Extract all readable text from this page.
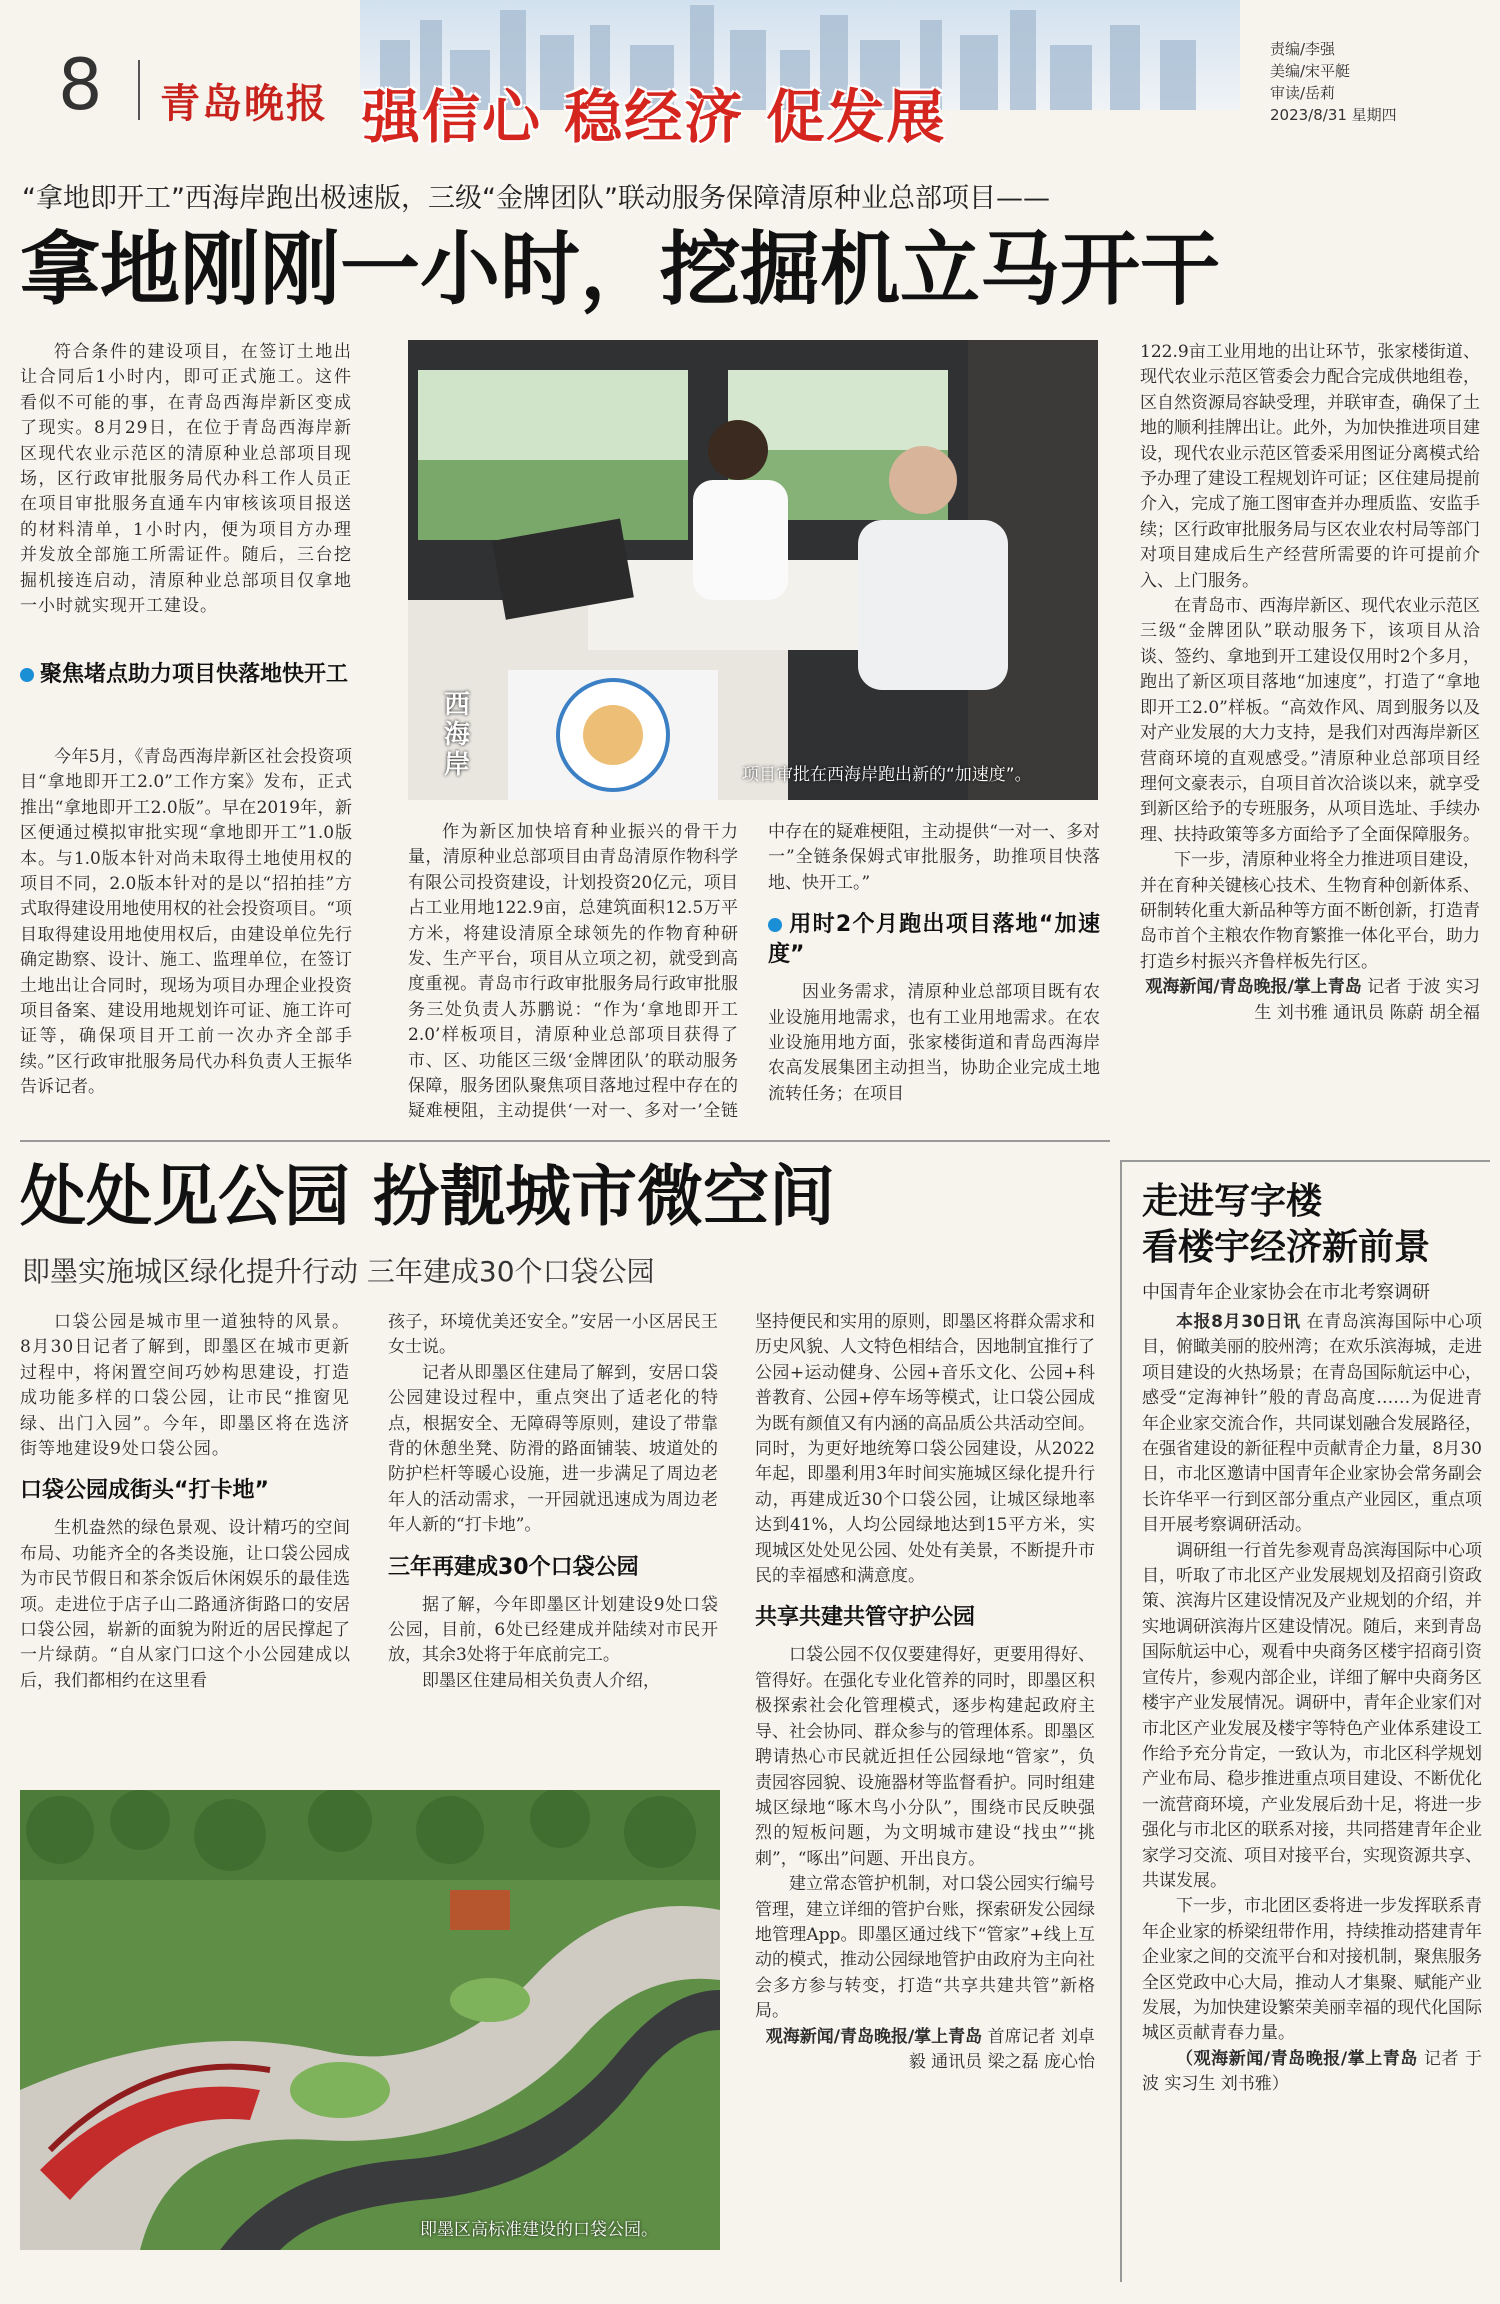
8 青岛晚报 强信心 稳经济 促发展
责编/李强
美编/宋平艇
审读/岳莉
2023/8/31 星期四
“拿地即开工”西海岸跑出极速版，三级“金牌团队”联动服务保障清原种业总部项目——
拿地刚刚一小时，挖掘机立马开干

符合条件的建设项目，在签订土地出让合同后1小时内，即可正式施工。这件看似不可能的事，在青岛西海岸新区变成了现实。8月29日，在位于青岛西海岸新区现代农业示范区的清原种业总部项目现场，区行政审批服务局代办科工作人员正在项目审批服务直通车内审核该项目报送的材料清单，1小时内，便为项目方办理并发放全部施工所需证件。随后，三台挖掘机接连启动，清原种业总部项目仅拿地一小时就实现开工建设。

聚焦堵点助力项目快落地快开工
西海岸	项目审批在西海岸跑出新的“加速度”。

122.9亩工业用地的出让环节，张家楼街道、现代农业示范区管委会力配合完成供地组卷，区自然资源局容缺受理，并联审查，确保了土地的顺利挂牌出让。此外，为加快推进项目建设，现代农业示范区管委采用图证分离模式给予办理了建设工程规划许可证；区住建局提前介入，完成了施工图审查并办理质监、安监手续；区行政审批服务局与区农业农村局等部门对项目建成后生产经营所需要的许可提前介入、上门服务。

在青岛市、西海岸新区、现代农业示范区三级“金牌团队”联动服务下，该项目从洽谈、签约、拿地到开工建设仅用时2个多月，跑出了新区项目落地“加速度”，打造了“拿地即开工2.0”样板。“高效作风、周到服务以及对产业发展的大力支持，是我们对西海岸新区营商环境的直观感受。”清原种业总部项目经理何文豪表示，自项目首次洽谈以来，就享受到新区给予的专班服务，从项目选址、手续办理、扶持政策等多方面给予了全面保障服务。

下一步，清原种业将全力推进项目建设，并在育种关键核心技术、生物育种创新体系、研制转化重大新品种等方面不断创新，打造青岛市首个主粮农作物育繁推一体化平台，助力打造乡村振兴齐鲁样板先行区。

观海新闻/青岛晚报/掌上青岛 记者 于波 实习生 刘书雅 通讯员 陈蔚 胡全福

今年5月，《青岛西海岸新区社会投资项目“拿地即开工2.0”工作方案》发布，正式推出“拿地即开工2.0版”。早在2019年，新区便通过模拟审批实现“拿地即开工”1.0版本。与1.0版本针对尚未取得土地使用权的项目不同，2.0版本针对的是以“招拍挂”方式取得建设用地使用权的社会投资项目。“项目取得建设用地使用权后，由建设单位先行确定勘察、设计、施工、监理单位，在签订土地出让合同时，现场为项目办理企业投资项目备案、建设用地规划许可证、施工许可证等，确保项目开工前一次办齐全部手续。”区行政审批服务局代办科负责人王振华告诉记者。

作为新区加快培育种业振兴的骨干力量，清原种业总部项目由青岛清原作物科学有限公司投资建设，计划投资20亿元，项目占工业用地122.9亩，总建筑面积12.5万平方米，将建设清原全球领先的作物育种研发、生产平台，项目从立项之初，就受到高度重视。青岛市行政审批服务局行政审批服务三处负责人苏鹏说：“作为‘拿地即开工2.0’样板项目，清原种业总部项目获得了市、区、功能区三级‘金牌团队’的联动服务保障，服务团队聚焦项目落地过程中存在的疑难梗阻，主动提供‘一对一、多对一’全链

中存在的疑难梗阻，主动提供“一对一、多对一”全链条保姆式审批服务，助推项目快落地、快开工。”

用时2个月跑出项目落地“加速度”

因业务需求，清原种业总部项目既有农业设施用地需求，也有工业用地需求。在农业设施用地方面，张家楼街道和青岛西海岸农高发展集团主动担当，协助企业完成土地流转任务；在项目

处处见公园 扮靓城市微空间
即墨实施城区绿化提升行动 三年建成30个口袋公园

口袋公园是城市里一道独特的风景。8月30日记者了解到，即墨区在城市更新过程中，将闲置空间巧妙构思建设，打造成功能多样的口袋公园，让市民“推窗见绿、出门入园”。今年，即墨区将在选济街等地建设9处口袋公园。

口袋公园成街头“打卡地”

生机盎然的绿色景观、设计精巧的空间布局、功能齐全的各类设施，让口袋公园成为市民节假日和茶余饭后休闲娱乐的最佳选项。走进位于店子山二路通济街路口的安居口袋公园，崭新的面貌为附近的居民撑起了一片绿荫。“自从家门口这个小公园建成以后，我们都相约在这里看

孩子，环境优美还安全。”安居一小区居民王女士说。

记者从即墨区住建局了解到，安居口袋公园建设过程中，重点突出了适老化的特点，根据安全、无障碍等原则，建设了带靠背的休憩坐凳、防滑的路面铺装、坡道处的防护栏杆等暖心设施，进一步满足了周边老年人的活动需求，一开园就迅速成为周边老年人新的“打卡地”。

三年再建成30个口袋公园

据了解，今年即墨区计划建设9处口袋公园，目前，6处已经建成并陆续对市民开放，其余3处将于年底前完工。

即墨区住建局相关负责人介绍，

坚持便民和实用的原则，即墨区将群众需求和历史风貌、人文特色相结合，因地制宜推行了公园+运动健身、公园+音乐文化、公园+科普教育、公园+停车场等模式，让口袋公园成为既有颜值又有内涵的高品质公共活动空间。同时，为更好地统筹口袋公园建设，从2022年起，即墨利用3年时间实施城区绿化提升行动，再建成近30个口袋公园，让城区绿地率达到41%，人均公园绿地达到15平方米，实现城区处处见公园、处处有美景，不断提升市民的幸福感和满意度。

共享共建共管守护公园

口袋公园不仅仅要建得好，更要用得好、管得好。在强化专业化管养的同时，即墨区积极探索社会化管理模式，逐步构建起政府主导、社会协同、群众参与的管理体系。即墨区聘请热心市民就近担任公园绿地“管家”，负责园容园貌、设施器材等监督看护。同时组建城区绿地“啄木鸟小分队”，围绕市民反映强烈的短板问题，为文明城市建设“找虫”“挑刺”，“啄出”问题、开出良方。

建立常态管护机制，对口袋公园实行编号管理，建立详细的管护台账，探索研发公园绿地管理App。即墨区通过线下“管家”+线上互动的模式，推动公园绿地管护由政府为主向社会多方参与转变，打造“共享共建共管”新格局。

观海新闻/青岛晚报/掌上青岛 首席记者 刘卓毅 通讯员 梁之磊 庞心怡

即墨区高标准建设的口袋公园。
走进写字楼
看楼宇经济新前景
中国青年企业家协会在市北考察调研

本报8月30日讯 在青岛滨海国际中心项目，俯瞰美丽的胶州湾；在欢乐滨海城，走进项目建设的火热场景；在青岛国际航运中心，感受“定海神针”般的青岛高度……为促进青年企业家交流合作，共同谋划融合发展路径，在强省建设的新征程中贡献青企力量，8月30日，市北区邀请中国青年企业家协会常务副会长许华平一行到区部分重点产业园区，重点项目开展考察调研活动。

调研组一行首先参观青岛滨海国际中心项目，听取了市北区产业发展规划及招商引资政策、滨海片区建设情况及产业规划的介绍，并实地调研滨海片区建设情况。随后，来到青岛国际航运中心，观看中央商务区楼宇招商引资宣传片，参观内部企业，详细了解中央商务区楼宇产业发展情况。调研中，青年企业家们对市北区产业发展及楼宇等特色产业体系建设工作给予充分肯定，一致认为，市北区科学规划产业布局、稳步推进重点项目建设、不断优化一流营商环境，产业发展后劲十足，将进一步强化与市北区的联系对接，共同搭建青年企业家学习交流、项目对接平台，实现资源共享、共谋发展。

下一步，市北团区委将进一步发挥联系青年企业家的桥梁纽带作用，持续推动搭建青年企业家之间的交流平台和对接机制，聚焦服务全区党政中心大局，推动人才集聚、赋能产业发展，为加快建设繁荣美丽幸福的现代化国际城区贡献青春力量。

（观海新闻/青岛晚报/掌上青岛 记者 于波 实习生 刘书雅）
